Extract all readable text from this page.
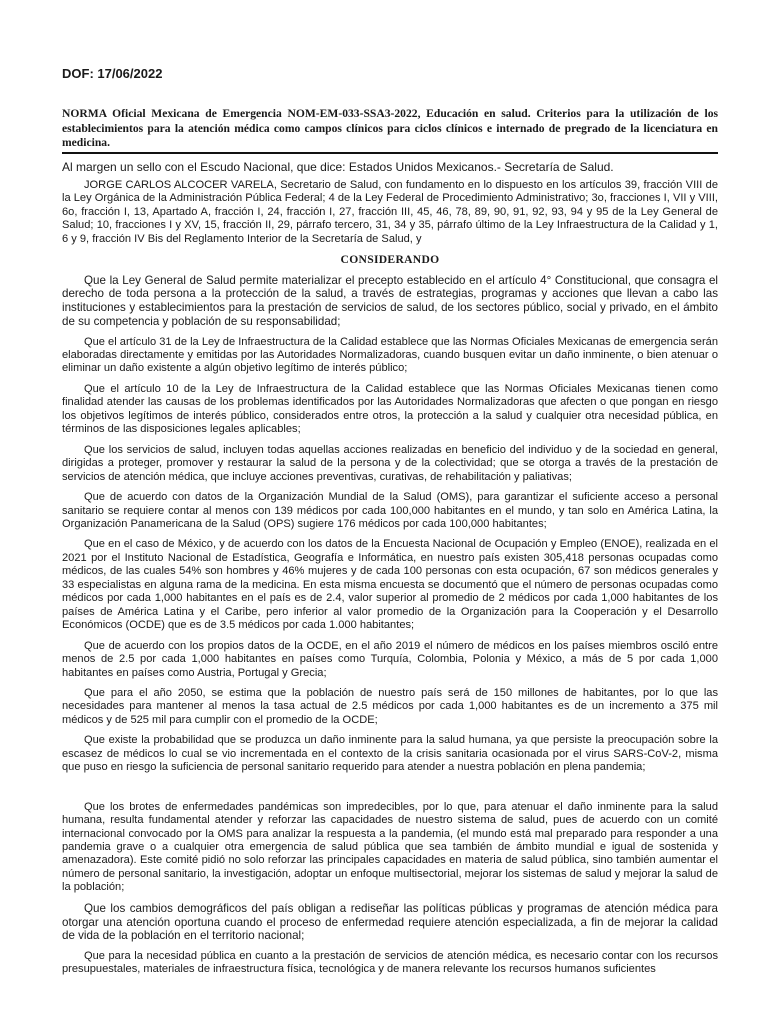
DOF: 17/06/2022

NORMA Oficial Mexicana de Emergencia NOM-EM-033-SSA3-2022, Educación en salud. Criterios para la utilización de los establecimientos para la atención médica como campos clínicos para ciclos clínicos e internado de pregrado de la licenciatura en medicina.

Al margen un sello con el Escudo Nacional, que dice: Estados Unidos Mexicanos.- Secretaría de Salud.

JORGE CARLOS ALCOCER VARELA, Secretario de Salud, con fundamento en lo dispuesto en los artículos 39, fracción VIII de la Ley Orgánica de la Administración Pública Federal; 4 de la Ley Federal de Procedimiento Administrativo; 3o, fracciones I, VII y VIII, 6o, fracción I, 13, Apartado A, fracción I, 24, fracción I, 27, fracción III, 45, 46, 78, 89, 90, 91, 92, 93, 94 y 95 de la Ley General de Salud; 10, fracciones I y XV, 15, fracción II, 29, párrafo tercero, 31, 34 y 35, párrafo último de la Ley Infraestructura de la Calidad y 1, 6 y 9, fracción IV Bis del Reglamento Interior de la Secretaría de Salud, y

CONSIDERANDO

Que la Ley General de Salud permite materializar el precepto establecido en el artículo 4° Constitucional, que consagra el derecho de toda persona a la protección de la salud, a través de estrategias, programas y acciones que llevan a cabo las instituciones y establecimientos para la prestación de servicios de salud, de los sectores público, social y privado, en el ámbito de su competencia y población de su responsabilidad;

Que el artículo 31 de la Ley de Infraestructura de la Calidad establece que las Normas Oficiales Mexicanas de emergencia serán elaboradas directamente y emitidas por las Autoridades Normalizadoras, cuando busquen evitar un daño inminente, o bien atenuar o eliminar un daño existente a algún objetivo legítimo de interés público;

Que el artículo 10 de la Ley de Infraestructura de la Calidad establece que las Normas Oficiales Mexicanas tienen como finalidad atender las causas de los problemas identificados por las Autoridades Normalizadoras que afecten o que pongan en riesgo los objetivos legítimos de interés público, considerados entre otros, la protección a la salud y cualquier otra necesidad pública, en términos de las disposiciones legales aplicables;

Que los servicios de salud, incluyen todas aquellas acciones realizadas en beneficio del individuo y de la sociedad en general, dirigidas a proteger, promover y restaurar la salud de la persona y de la colectividad; que se otorga a través de la prestación de servicios de atención médica, que incluye acciones preventivas, curativas, de rehabilitación y paliativas;

Que de acuerdo con datos de la Organización Mundial de la Salud (OMS), para garantizar el suficiente acceso a personal sanitario se requiere contar al menos con 139 médicos por cada 100,000 habitantes en el mundo, y tan solo en América Latina, la Organización Panamericana de la Salud (OPS) sugiere 176 médicos por cada 100,000 habitantes;

Que en el caso de México, y de acuerdo con los datos de la Encuesta Nacional de Ocupación y Empleo (ENOE), realizada en el 2021 por el Instituto Nacional de Estadística, Geografía e Informática, en nuestro país existen 305,418 personas ocupadas como médicos, de las cuales 54% son hombres y 46% mujeres y de cada 100 personas con esta ocupación, 67 son médicos generales y 33 especialistas en alguna rama de la medicina. En esta misma encuesta se documentó que el número de personas ocupadas como médicos por cada 1,000 habitantes en el país es de 2.4, valor superior al promedio de 2 médicos por cada 1,000 habitantes de los países de América Latina y el Caribe, pero inferior al valor promedio de la Organización para la Cooperación y el Desarrollo Económicos (OCDE) que es de 3.5 médicos por cada 1.000 habitantes;

Que de acuerdo con los propios datos de la OCDE, en el año 2019 el número de médicos en los países miembros osciló entre menos de 2.5 por cada 1,000 habitantes en países como Turquía, Colombia, Polonia y México, a más de 5 por cada 1,000 habitantes en países como Austria, Portugal y Grecia;

Que para el año 2050, se estima que la población de nuestro país será de 150 millones de habitantes, por lo que las necesidades para mantener al menos la tasa actual de 2.5 médicos por cada 1,000 habitantes es de un incremento a 375 mil médicos y de 525 mil para cumplir con el promedio de la OCDE;

Que existe la probabilidad que se produzca un daño inminente para la salud humana, ya que persiste la preocupación sobre la escasez de médicos lo cual se vio incrementada en el contexto de la crisis sanitaria ocasionada por el virus SARS-CoV-2, misma que puso en riesgo la suficiencia de personal sanitario requerido para atender a nuestra población en plena pandemia;

Que los brotes de enfermedades pandémicas son impredecibles, por lo que, para atenuar el daño inminente para la salud humana, resulta fundamental atender y reforzar las capacidades de nuestro sistema de salud, pues de acuerdo con un comité internacional convocado por la OMS para analizar la respuesta a la pandemia, (el mundo está mal preparado para responder a una pandemia grave o a cualquier otra emergencia de salud pública que sea también de ámbito mundial e igual de sostenida y amenazadora). Este comité pidió no solo reforzar las principales capacidades en materia de salud pública, sino también aumentar el número de personal sanitario, la investigación, adoptar un enfoque multisectorial, mejorar los sistemas de salud y mejorar la salud de la población;

Que los cambios demográficos del país obligan a rediseñar las políticas públicas y programas de atención médica para otorgar una atención oportuna cuando el proceso de enfermedad requiere atención especializada, a fin de mejorar la calidad de vida de la población en el territorio nacional;

Que para la necesidad pública en cuanto a la prestación de servicios de atención médica, es necesario contar con los recursos presupuestales, materiales de infraestructura física, tecnológica y de manera relevante los recursos humanos suficientes
